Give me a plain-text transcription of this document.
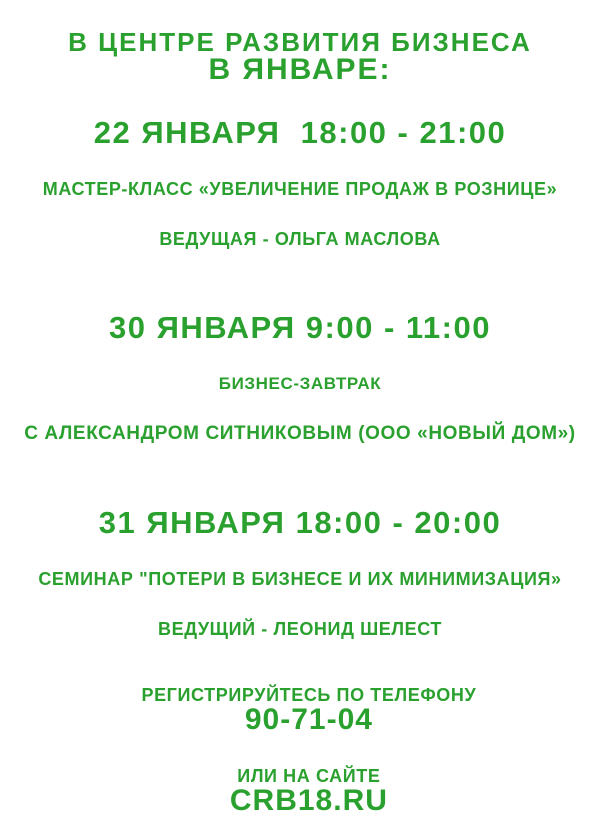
В ЦЕНТРЕ РАЗВИТИЯ БИЗНЕСА
В ЯНВАРЕ:

22 ЯНВАРЯ  18:00 - 21:00

МАСТЕР-КЛАСС «УВЕЛИЧЕНИЕ ПРОДАЖ В РОЗНИЦЕ»

ВЕДУЩАЯ - ОЛЬГА МАСЛОВА

30 ЯНВАРЯ 9:00 - 11:00

БИЗНЕС-ЗАВТРАК

С АЛЕКСАНДРОМ СИТНИКОВЫМ (ООО «НОВЫЙ ДОМ»)

31 ЯНВАРЯ 18:00 - 20:00

СЕМИНАР "ПОТЕРИ В БИЗНЕСЕ И ИХ МИНИМИЗАЦИЯ»

ВЕДУЩИЙ - ЛЕОНИД ШЕЛЕСТ

РЕГИСТРИРУЙТЕСЬ ПО ТЕЛЕФОНУ
90-71-04

ИЛИ НА САЙТЕ
CRB18.RU
